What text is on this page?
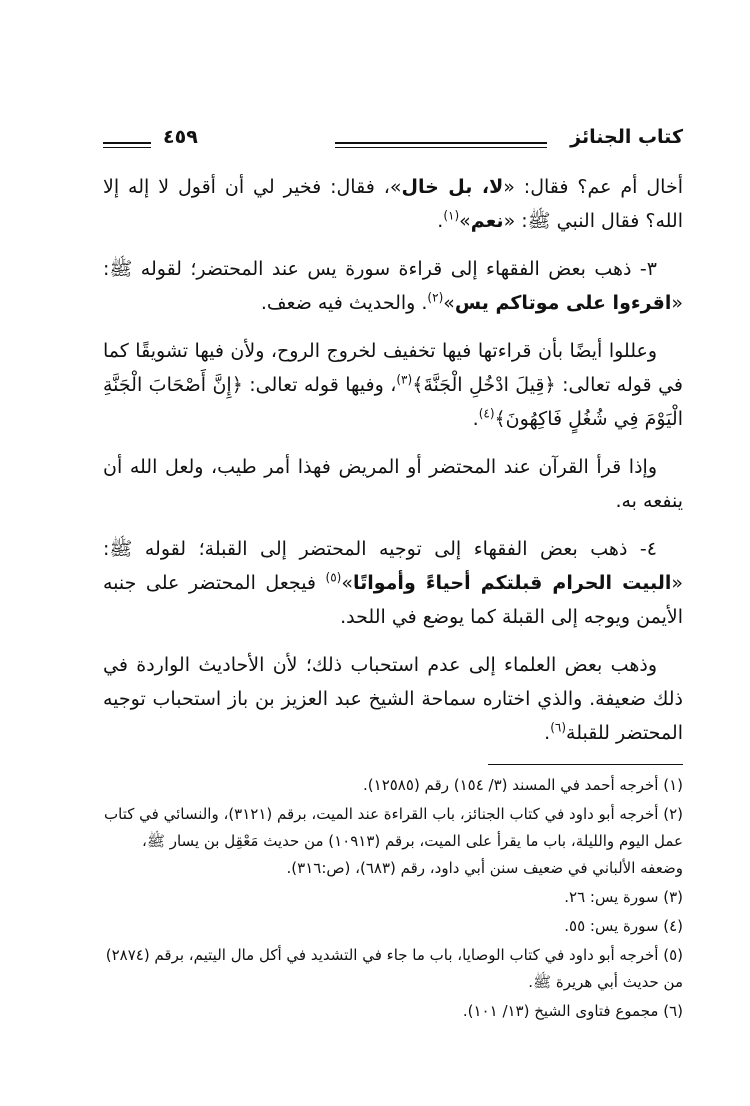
كتاب الجنائز
٤٥٩

أخال أم عم؟ فقال: «لا، بل خال»، فقال: فخير لي أن أقول لا إله إلا الله؟ فقال النبي ﷺ: «نعم»$^{(١)}$.

٣- ذهب بعض الفقهاء إلى قراءة سورة يس عند المحتضر؛ لقوله ﷺ: «اقرءوا على موتاكم يس»$^{(٢)}$. والحديث فيه ضعف.

وعللوا أيضًا بأن قراءتها فيها تخفيف لخروج الروح، ولأن فيها تشويقًا كما في قوله تعالى: ﴿قِيلَ ادْخُلِ الْجَنَّةَ﴾$^{(٣)}$، وفيها قوله تعالى: ﴿إِنَّ أَصْحَابَ الْجَنَّةِ الْيَوْمَ فِي شُغُلٍ فَاكِهُونَ﴾$^{(٤)}$.

وإذا قرأ القرآن عند المحتضر أو المريض فهذا أمر طيب، ولعل الله أن ينفعه به.

٤- ذهب بعض الفقهاء إلى توجيه المحتضر إلى القبلة؛ لقوله ﷺ: «البيت الحرام قبلتكم أحياءً وأمواتًا»$^{(٥)}$ فيجعل المحتضر على جنبه الأيمن ويوجه إلى القبلة كما يوضع في اللحد.

وذهب بعض العلماء إلى عدم استحباب ذلك؛ لأن الأحاديث الواردة في ذلك ضعيفة. والذي اختاره سماحة الشيخ عبد العزيز بن باز استحباب توجيه المحتضر للقبلة$^{(٦)}$.

(١) أخرجه أحمد في المسند (٣/ ١٥٤) رقم (١٢٥٨٥).
(٢) أخرجه أبو داود في كتاب الجنائز، باب القراءة عند الميت، برقم (٣١٢١)، والنسائي في كتاب عمل اليوم والليلة، باب ما يقرأ على الميت، برقم (١٠٩١٣) من حديث مَعْقِل بن يسار ﷺ، وضعفه الألباني في ضعيف سنن أبي داود، رقم (٦٨٣)، (ص:٣١٦).
(٣) سورة يس: ٢٦.
(٤) سورة يس: ٥٥.
(٥) أخرجه أبو داود في كتاب الوصايا، باب ما جاء في التشديد في أكل مال اليتيم، برقم (٢٨٧٤) من حديث أبي هريرة ﷺ.
(٦) مجموع فتاوى الشيخ (١٣/ ١٠١).
